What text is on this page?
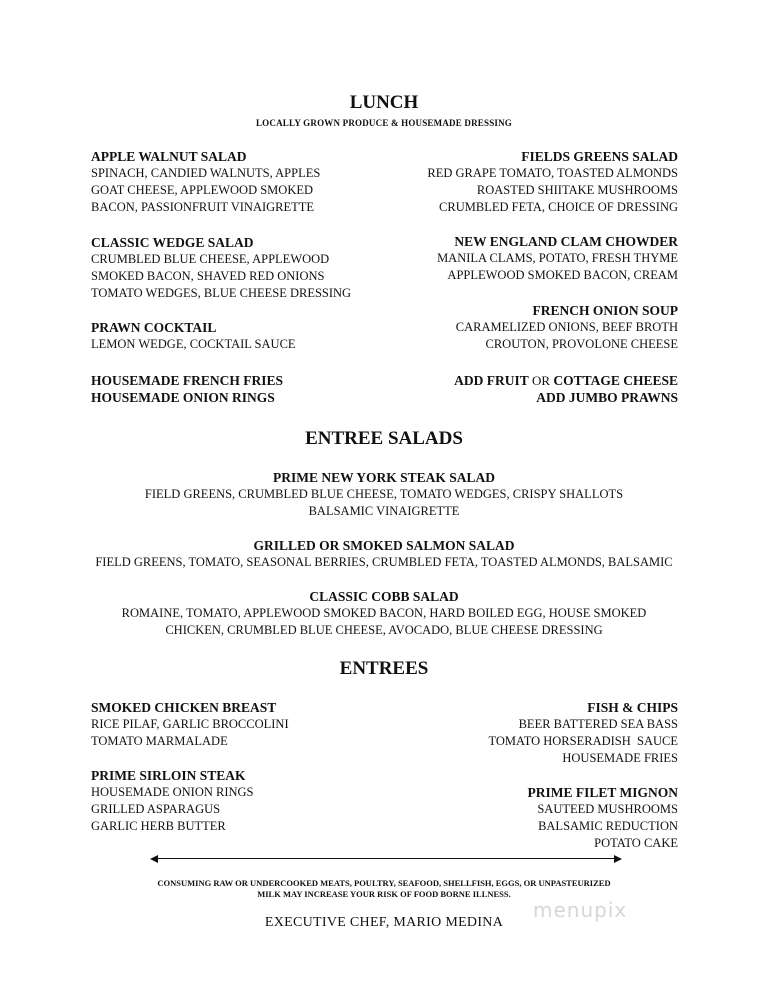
LUNCH
LOCALLY GROWN PRODUCE & HOUSEMADE DRESSING
APPLE WALNUT SALAD
SPINACH, CANDIED WALNUTS, APPLES
GOAT CHEESE, APPLEWOOD SMOKED
BACON, PASSIONFRUIT VINAIGRETTE
CLASSIC WEDGE SALAD
CRUMBLED BLUE CHEESE, APPLEWOOD
SMOKED BACON, SHAVED RED ONIONS
TOMATO WEDGES, BLUE CHEESE DRESSING
PRAWN COCKTAIL
LEMON WEDGE, COCKTAIL SAUCE
HOUSEMADE FRENCH FRIES
HOUSEMADE ONION RINGS
FIELDS GREENS SALAD
RED GRAPE TOMATO, TOASTED ALMONDS
ROASTED SHIITAKE MUSHROOMS
CRUMBLED FETA, CHOICE OF DRESSING
NEW ENGLAND CLAM CHOWDER
MANILA CLAMS, POTATO, FRESH THYME
APPLEWOOD SMOKED BACON, CREAM
FRENCH ONION SOUP
CARAMELIZED ONIONS, BEEF BROTH
CROUTON, PROVOLONE CHEESE
ADD FRUIT OR COTTAGE CHEESE
ADD JUMBO PRAWNS
ENTREE SALADS
PRIME NEW YORK STEAK SALAD
FIELD GREENS, CRUMBLED BLUE CHEESE, TOMATO WEDGES, CRISPY SHALLOTS
BALSAMIC VINAIGRETTE
GRILLED OR SMOKED SALMON SALAD
FIELD GREENS, TOMATO, SEASONAL BERRIES, CRUMBLED FETA, TOASTED ALMONDS, BALSAMIC
CLASSIC COBB SALAD
ROMAINE, TOMATO, APPLEWOOD SMOKED BACON, HARD BOILED EGG, HOUSE SMOKED
CHICKEN, CRUMBLED BLUE CHEESE, AVOCADO, BLUE CHEESE DRESSING
ENTREES
SMOKED CHICKEN BREAST
RICE PILAF, GARLIC BROCCOLINI
TOMATO MARMALADE
PRIME SIRLOIN STEAK
HOUSEMADE ONION RINGS
GRILLED ASPARAGUS
GARLIC HERB BUTTER
FISH & CHIPS
BEER BATTERED SEA BASS
TOMATO HORSERADISH  SAUCE
HOUSEMADE FRIES
PRIME FILET MIGNON
SAUTEED MUSHROOMS
BALSAMIC REDUCTION
POTATO CAKE
CONSUMING RAW OR UNDERCOOKED MEATS, POULTRY, SEAFOOD, SHELLFISH, EGGS, OR UNPASTEURIZED
MILK MAY INCREASE YOUR RISK OF FOOD BORNE ILLNESS.
menupix
EXECUTIVE CHEF, MARIO MEDINA
